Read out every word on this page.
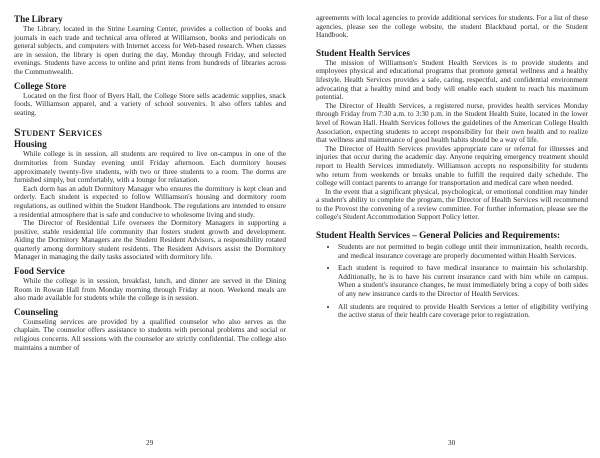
The Library

The Library, located in the Strine Learning Center, provides a collection of books and journals in each trade and technical area offered at Williamson, books and periodicals on general subjects, and computers with Internet access for Web-based research. When classes are in session, the library is open during the day, Monday through Friday, and selected evenings. Students have access to online and print items from hundreds of libraries across the Commonwealth.

College Store

Located on the first floor of Byers Hall, the College Store sells academic supplies, snack foods, Williamson apparel, and a variety of school souvenirs. It also offers tables and seating.

Student Services
Housing

While college is in session, all students are required to live on-campus in one of the dormitories from Sunday evening until Friday afternoon. Each dormitory houses approximately twenty-five students, with two or three students to a room. The dorms are furnished simply, but comfortably, with a lounge for relaxation.

Each dorm has an adult Dormitory Manager who ensures the dormitory is kept clean and orderly. Each student is expected to follow Williamson's housing and dormitory room regulations, as outlined within the Student Handbook. The regulations are intended to ensure a residential atmosphere that is safe and conducive to wholesome living and study.

The Director of Residential Life oversees the Dormitory Managers in supporting a positive, stable residential life community that fosters student growth and development. Aiding the Dormitory Managers are the Student Resident Advisors, a responsibility rotated quarterly among dormitory student residents. The Resident Advisors assist the Dormitory Manager in managing the daily tasks associated with dormitory life.

Food Service

While the college is in session, breakfast, lunch, and dinner are served in the Dining Room in Rowan Hall from Monday morning through Friday at noon. Weekend meals are also made available for students while the college is in session.

Counseling

Counseling services are provided by a qualified counselor who also serves as the chaplain. The counselor offers assistance to students with personal problems and social or religious concerns. All sessions with the counselor are strictly confidential. The college also maintains a number of

agreements with local agencies to provide additional services for students. For a list of these agencies, please see the college website, the student Blackbaud portal, or the Student Handbook.

Student Health Services

The mission of Williamson's Student Health Services is to provide students and employees physical and educational programs that promote general wellness and a healthy lifestyle. Health Services provides a safe, caring, respectful, and confidential environment advocating that a healthy mind and body will enable each student to reach his maximum potential.

The Director of Health Services, a registered nurse, provides health services Monday through Friday from 7:30 a.m. to 3:30 p.m. in the Student Health Suite, located in the lower level of Rowan Hall. Health Services follows the guidelines of the American College Health Association, expecting students to accept responsibility for their own health and to realize that wellness and maintenance of good health habits should be a way of life.

The Director of Health Services provides appropriate care or referral for illnesses and injuries that occur during the academic day. Anyone requiring emergency treatment should report to Health Services immediately. Williamson accepts no responsibility for students who return from weekends or breaks unable to fulfill the required daily schedule. The college will contact parents to arrange for transportation and medical care when needed.

In the event that a significant physical, psychological, or emotional condition may hinder a student's ability to complete the program, the Director of Health Services will recommend to the Provost the convening of a review committee. For further information, please see the college's Student Accommodation Support Policy letter.

Student Health Services – General Policies and Requirements:
• Students are not permitted to begin college until their immunization, health records, and medical insurance coverage are properly documented within Health Services.
• Each student is required to have medical insurance to maintain his scholarship. Additionally, he is to have his current insurance card with him while on campus. When a student's insurance changes, he must immediately bring a copy of both sides of any new insurance cards to the Director of Health Services.
• All students are required to provide Health Services a letter of eligibility verifying the active status of their health care coverage prior to registration.
29	30
